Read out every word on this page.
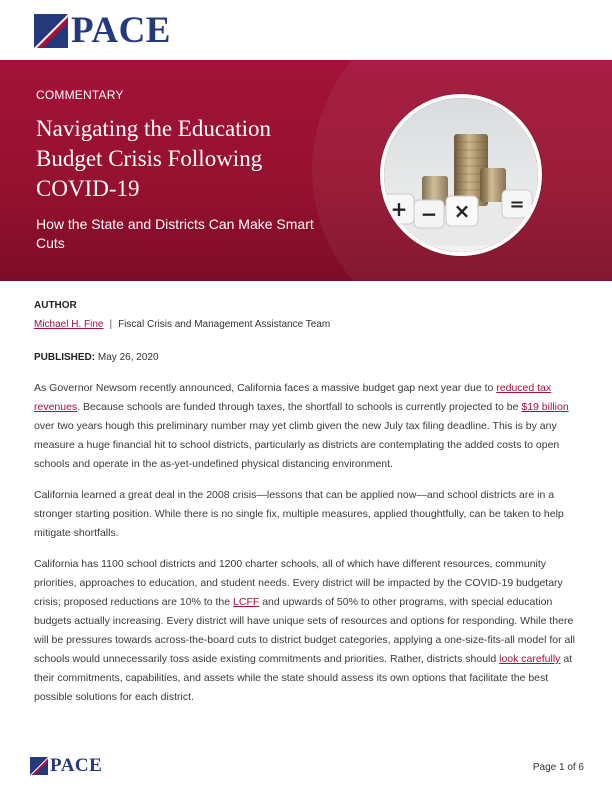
PACE
COMMENTARY
Navigating the Education Budget Crisis Following COVID-19
How the State and Districts Can Make Smart Cuts
+ − × =
AUTHOR
Michael H. Fine | Fiscal Crisis and Management Assistance Team
PUBLISHED: May 26, 2020

As Governor Newsom recently announced, California faces a massive budget gap next year due to reduced tax revenues. Because schools are funded through taxes, the shortfall to schools is currently projected to be $19 billion over two years hough this preliminary number may yet climb given the new July tax filing deadline. This is by any measure a huge financial hit to school districts, particularly as districts are contemplating the added costs to open schools and operate in the as-yet-undefined physical distancing environment.

California learned a great deal in the 2008 crisis—lessons that can be applied now—and school districts are in a stronger starting position. While there is no single fix, multiple measures, applied thoughtfully, can be taken to help mitigate shortfalls.

California has 1100 school districts and 1200 charter schools, all of which have different resources, community priorities, approaches to education, and student needs. Every district will be impacted by the COVID-19 budgetary crisis; proposed reductions are 10% to the LCFF and upwards of 50% to other programs, with special education budgets actually increasing. Every district will have unique sets of resources and options for responding. While there will be pressures towards across-the-board cuts to district budget categories, applying a one-size-fits-all model for all schools would unnecessarily toss aside existing commitments and priorities. Rather, districts should look carefully at their commitments, capabilities, and assets while the state should assess its own options that facilitate the best possible solutions for each district.

PACE	Page 1 of 6
